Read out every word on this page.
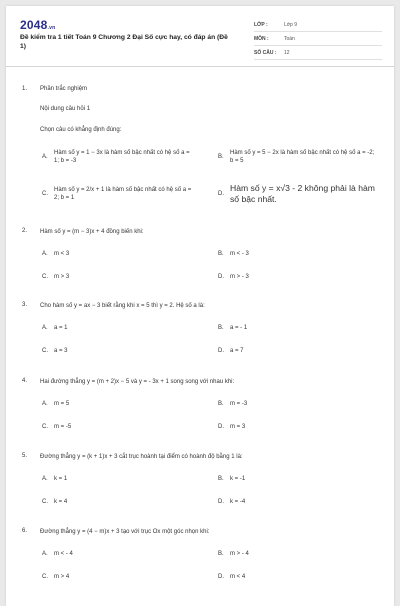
2048.vn
Đề kiểm tra 1 tiết Toán 9 Chương 2 Đại Số cực hay, có đáp án (Đề 1)
LỚP :	Lớp 9
MÔN :	Toán
SỐ CÂU :	12
1. Phần trắc nghiệm
Nội dung câu hỏi 1
Chọn câu có khẳng định đúng:
A.
Hàm số y = 1 − 3x là hàm số bậc nhất có hệ số a = 1; b = -3
B.
Hàm số y = 5 − 2x là hàm số bậc nhất có hệ số a = -2; b = 5
C.
Hàm số y = 2/x + 1 là hàm số bậc nhất có hệ số a = 2; b = 1
D.
Hàm số y = x√3 - 2 không phải là hàm số bậc nhất.
2. Hàm số y = (m − 3)x + 4 đồng biến khi:
A. m < 3	B. m < - 3
C. m > 3	D. m > - 3
3. Cho hàm số y = ax − 3 biết rằng khi x = 5 thì y = 2. Hệ số a là:
A. a = 1	B. a = - 1
C. a = 3	D. a = 7
4. Hai đường thẳng y = (m + 2)x − 5 và y = - 3x + 1 song song với nhau khi:
A. m = 5	B. m = -3
C. m = -5	D. m = 3
5. Đường thẳng y = (k + 1)x + 3 cắt trục hoành tại điểm có hoành độ bằng 1 là:
A. k = 1	B. k = -1
C. k = 4	D. k = -4
6. Đường thẳng y = (4 − m)x + 3 tạo với trục Ox một góc nhọn khi:
A. m < - 4	B. m > - 4
C. m > 4	D. m < 4
